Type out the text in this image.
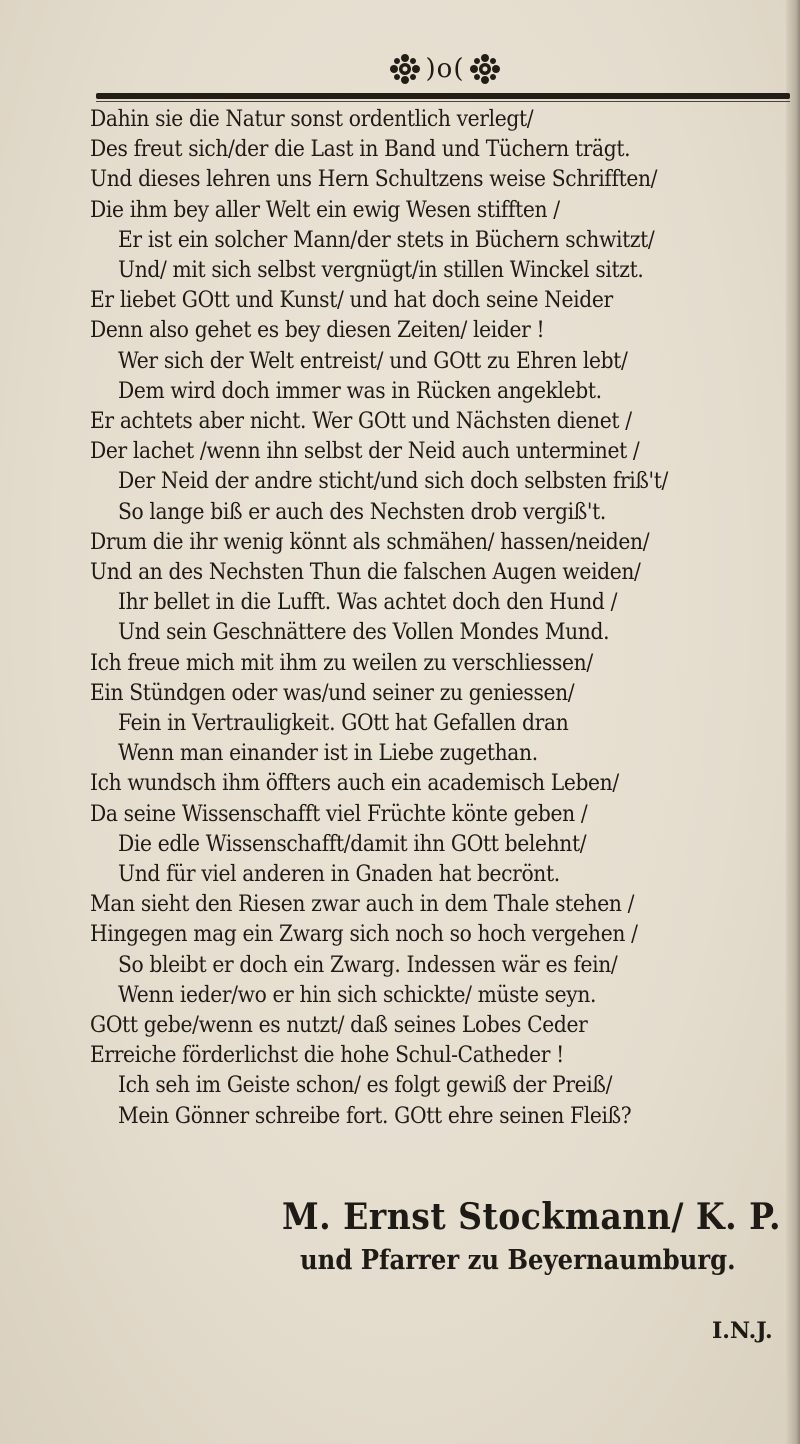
)o(
Dahin sie die Natur sonst ordentlich verlegt/
Des freut sich/der die Last in Band und Tüchern trägt.
Und dieses lehren uns Hern Schultzens weise Schrifften/
Die ihm bey aller Welt ein ewig Wesen stifften /
Er ist ein solcher Mann/der stets in Büchern schwitzt/
Und/ mit sich selbst vergnügt/in stillen Winckel sitzt.
Er liebet GOtt und Kunst/ und hat doch seine Neider
Denn also gehet es bey diesen Zeiten/ leider !
Wer sich der Welt entreist/ und GOtt zu Ehren lebt/
Dem wird doch immer was in Rücken angeklebt.
Er achtets aber nicht. Wer GOtt und Nächsten dienet /
Der lachet /wenn ihn selbst der Neid auch unterminet /
Der Neid der andre sticht/und sich doch selbsten friß't/
So lange biß er auch des Nechsten drob vergiß't.
Drum die ihr wenig könnt als schmähen/ hassen/neiden/
Und an des Nechsten Thun die falschen Augen weiden/
Ihr bellet in die Lufft. Was achtet doch den Hund /
Und sein Geschnättere des Vollen Mondes Mund.
Ich freue mich mit ihm zu weilen zu verschliessen/
Ein Stündgen oder was/und seiner zu geniessen/
Fein in Vertrauligkeit. GOtt hat Gefallen dran
Wenn man einander ist in Liebe zugethan.
Ich wundsch ihm öffters auch ein academisch Leben/
Da seine Wissenschafft viel Früchte könte geben /
Die edle Wissenschafft/damit ihn GOtt belehnt/
Und für viel anderen in Gnaden hat becrönt.
Man sieht den Riesen zwar auch in dem Thale stehen /
Hingegen mag ein Zwarg sich noch so hoch vergehen /
So bleibt er doch ein Zwarg. Indessen wär es fein/
Wenn ieder/wo er hin sich schickte/ müste seyn.
GOtt gebe/wenn es nutzt/ daß seines Lobes Ceder
Erreiche förderlichst die hohe Schul-Catheder !
Ich seh im Geiste schon/ es folgt gewiß der Preiß/
Mein Gönner schreibe fort. GOtt ehre seinen Fleiß?
M. Ernst Stockmann/ K. P.
und Pfarrer zu Beyernaumburg.
I.N.J.
